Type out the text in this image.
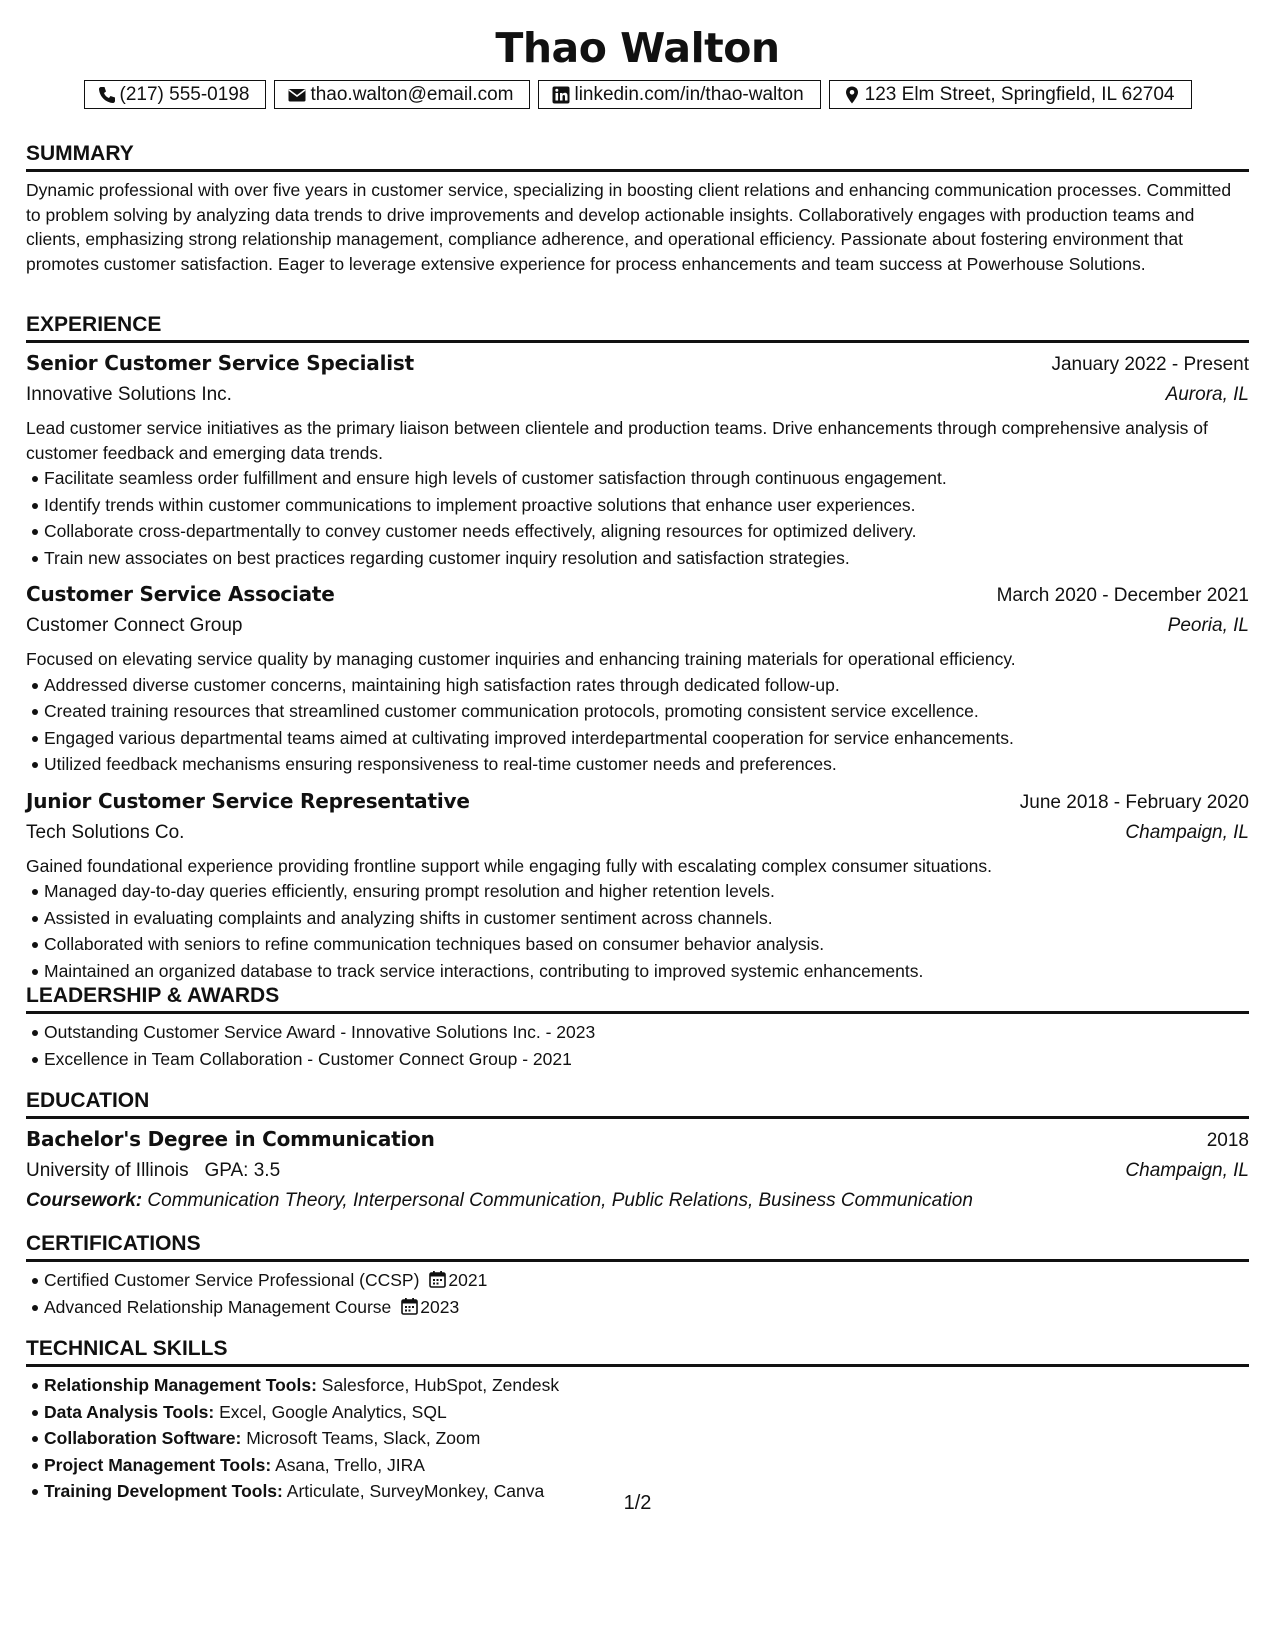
Thao Walton
(217) 555-0198	thao.walton@email.com	linkedin.com/in/thao-walton	123 Elm Street, Springfield, IL 62704
SUMMARY

Dynamic professional with over five years in customer service, specializing in boosting client relations and enhancing communication processes. Committed to problem solving by analyzing data trends to drive improvements and develop actionable insights. Collaboratively engages with production teams and clients, emphasizing strong relationship management, compliance adherence, and operational efficiency. Passionate about fostering environment that promotes customer satisfaction. Eager to leverage extensive experience for process enhancements and team success at Powerhouse Solutions.

EXPERIENCE
Senior Customer Service Specialist	January 2022 - Present
Innovative Solutions Inc.	Aurora, IL

Lead customer service initiatives as the primary liaison between clientele and production teams. Drive enhancements through comprehensive analysis of customer feedback and emerging data trends.

Facilitate seamless order fulfillment and ensure high levels of customer satisfaction through continuous engagement.
Identify trends within customer communications to implement proactive solutions that enhance user experiences.
Collaborate cross-departmentally to convey customer needs effectively, aligning resources for optimized delivery.
Train new associates on best practices regarding customer inquiry resolution and satisfaction strategies.
Customer Service Associate	March 2020 - December 2021
Customer Connect Group	Peoria, IL

Focused on elevating service quality by managing customer inquiries and enhancing training materials for operational efficiency.

Addressed diverse customer concerns, maintaining high satisfaction rates through dedicated follow-up.
Created training resources that streamlined customer communication protocols, promoting consistent service excellence.
Engaged various departmental teams aimed at cultivating improved interdepartmental cooperation for service enhancements.
Utilized feedback mechanisms ensuring responsiveness to real-time customer needs and preferences.
Junior Customer Service Representative	June 2018 - February 2020
Tech Solutions Co.	Champaign, IL

Gained foundational experience providing frontline support while engaging fully with escalating complex consumer situations.

Managed day-to-day queries efficiently, ensuring prompt resolution and higher retention levels.
Assisted in evaluating complaints and analyzing shifts in customer sentiment across channels.
Collaborated with seniors to refine communication techniques based on consumer behavior analysis.
Maintained an organized database to track service interactions, contributing to improved systemic enhancements.
LEADERSHIP & AWARDS
Outstanding Customer Service Award - Innovative Solutions Inc. - 2023
Excellence in Team Collaboration - Customer Connect Group - 2021
EDUCATION
Bachelor's Degree in Communication	2018
University of Illinois GPA: 3.5	Champaign, IL
Coursework: Communication Theory, Interpersonal Communication, Public Relations, Business Communication
CERTIFICATIONS
Certified Customer Service Professional (CCSP) 2021
Advanced Relationship Management Course 2023
TECHNICAL SKILLS
Relationship Management Tools: Salesforce, HubSpot, Zendesk
Data Analysis Tools: Excel, Google Analytics, SQL
Collaboration Software: Microsoft Teams, Slack, Zoom
Project Management Tools: Asana, Trello, JIRA
Training Development Tools: Articulate, SurveyMonkey, Canva
1/2
